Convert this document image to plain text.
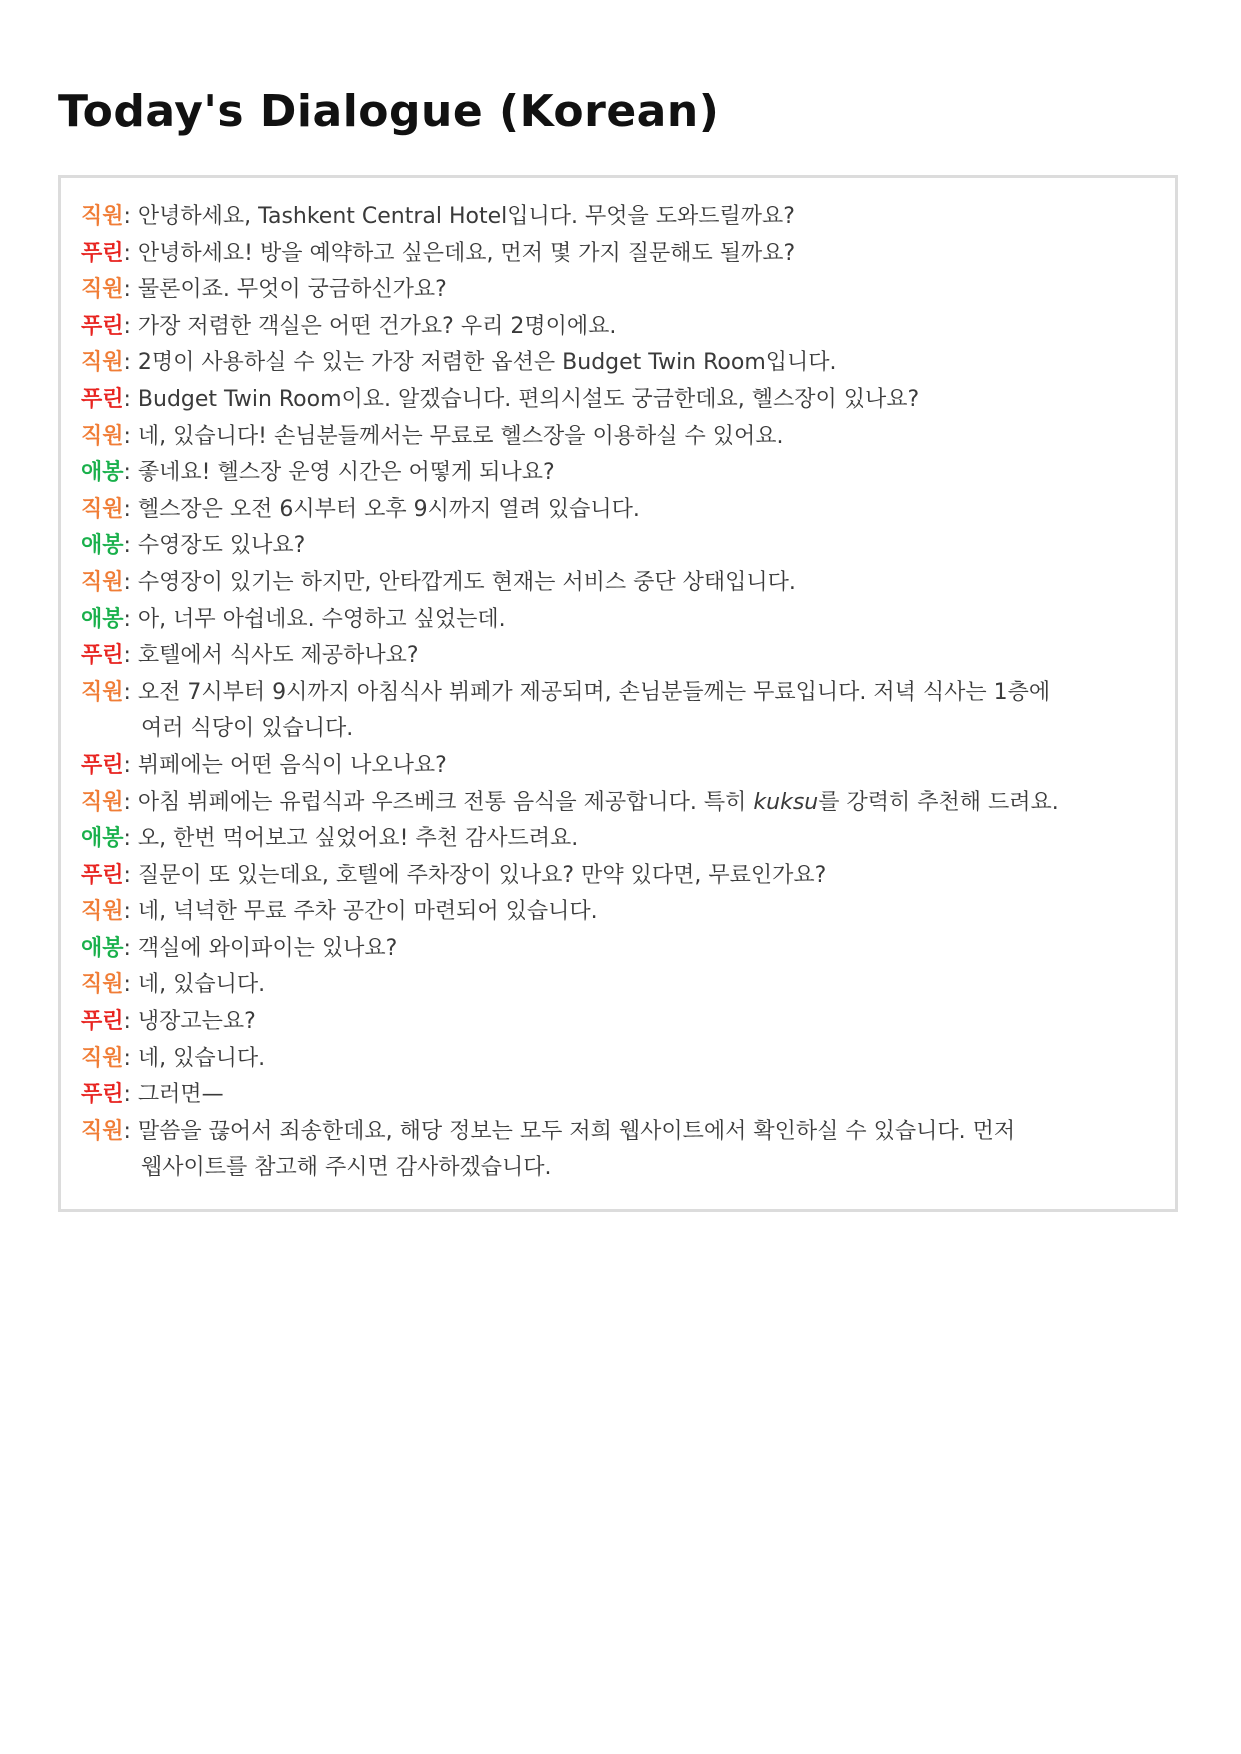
Today's Dialogue (Korean)
직원 : 안녕하세요, Tashkent Central Hotel입니다. 무엇을 도와드릴까요?
푸린 : 안녕하세요! 방을 예약하고 싶은데요, 먼저 몇 가지 질문해도 될까요?
직원 : 물론이죠. 무엇이 궁금하신가요?
푸린 : 가장 저렴한 객실은 어떤 건가요? 우리 2명이에요.
직원 : 2명이 사용하실 수 있는 가장 저렴한 옵션은 Budget Twin Room입니다.
푸린 : Budget Twin Room이요. 알겠습니다. 편의시설도 궁금한데요, 헬스장이 있나요?
직원 : 네, 있습니다! 손님분들께서는 무료로 헬스장을 이용하실 수 있어요.
애봉 : 좋네요! 헬스장 운영 시간은 어떻게 되나요?
직원 : 헬스장은 오전 6시부터 오후 9시까지 열려 있습니다.
애봉 : 수영장도 있나요?
직원 : 수영장이 있기는 하지만, 안타깝게도 현재는 서비스 중단 상태입니다.
애봉 : 아, 너무 아쉽네요. 수영하고 싶었는데.
푸린 : 호텔에서 식사도 제공하나요?
직원: 오전 7시부터 9시까지 아침식사 뷔페가 제공되며, 손님분들께는 무료입니다. 저녁 식사는 1층에
여러 식당이 있습니다.
푸린 : 뷔페에는 어떤 음식이 나오나요?
직원: 아침 뷔페에는 유럽식과 우즈베크 전통 음식을 제공합니다. 특히 kuksu를 강력히 추천해 드려요.
애봉 : 오, 한번 먹어보고 싶었어요! 추천 감사드려요.
푸린 : 질문이 또 있는데요, 호텔에 주차장이 있나요? 만약 있다면, 무료인가요?
직원 : 네, 넉넉한 무료 주차 공간이 마련되어 있습니다.
애봉 : 객실에 와이파이는 있나요?
직원 : 네, 있습니다.
푸린 : 냉장고는요?
직원 : 네, 있습니다.
푸린 : 그러면—
직원: 말씀을 끊어서 죄송한데요, 해당 정보는 모두 저희 웹사이트에서 확인하실 수 있습니다. 먼저
웹사이트를 참고해 주시면 감사하겠습니다.
